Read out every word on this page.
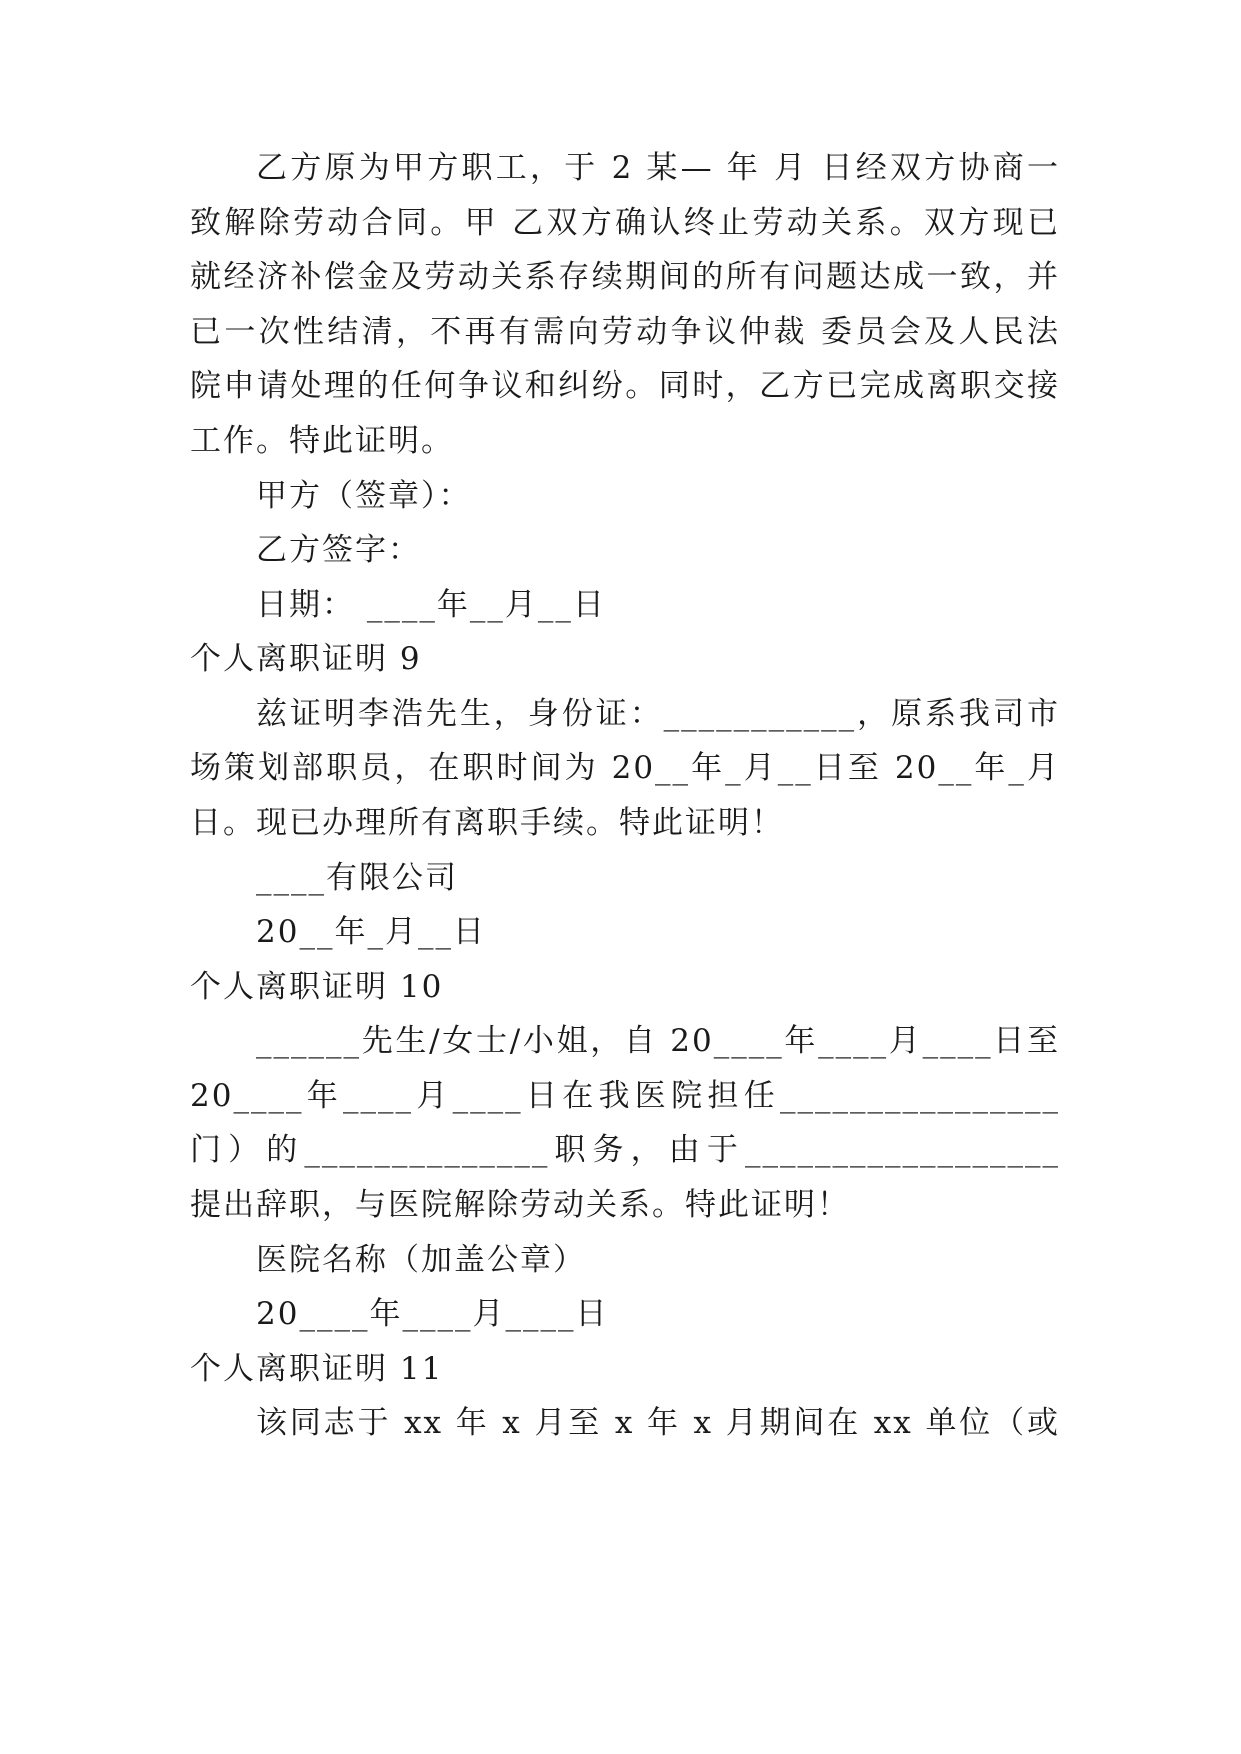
乙方原为甲方职工，于 2 某— 年 月 日经双方协商一
致解除劳动合同。甲 乙双方确认终止劳动关系。双方现已
就经济补偿金及劳动关系存续期间的所有问题达成一致，并
已一次性结清，不再有需向劳动争议仲裁 委员会及人民法
院申请处理的任何争议和纠纷。同时，乙方已完成离职交接
工作。特此证明。
甲方（签章）：
乙方签字：
日期： ____年__月__日
个人离职证明 9
兹证明李浩先生，身份证：___________，原系我司市
场策划部职员，在职时间为 20__年_月__日至 20__年_月
日。现已办理所有离职手续。特此证明！
____有限公司
20__年_月__日
个人离职证明 10
______先生/女士/小姐，自 20____年____月____日至
20____年____月____日在我医院担任________________
门）的______________职务，由于__________________
提出辞职，与医院解除劳动关系。特此证明！
医院名称（加盖公章）
20____年____月____日
个人离职证明 11
该同志于 xx 年 x 月至 x 年 x 月期间在 xx 单位（或
